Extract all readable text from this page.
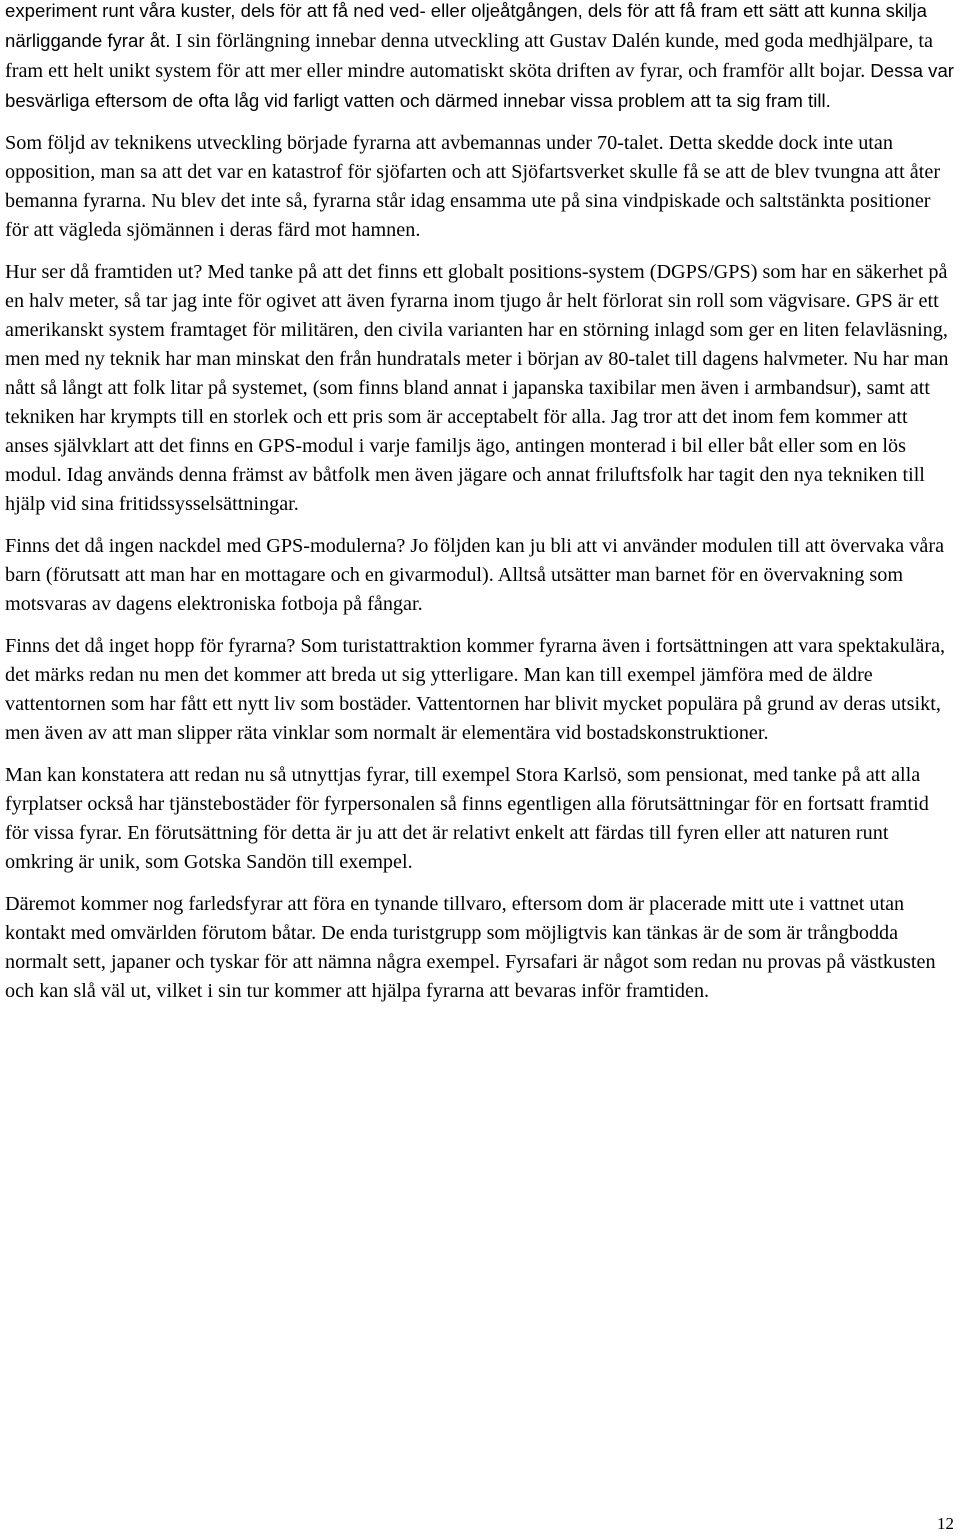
experiment runt våra kuster, dels för att få ned ved- eller oljeåtgången, dels för att få fram ett sätt att kunna skilja närliggande fyrar åt. I sin förlängning innebar denna utveckling att Gustav Dalén kunde, med goda medhjälpare, ta fram ett helt unikt system för att mer eller mindre automatiskt sköta driften av fyrar, och framför allt bojar. Dessa var besvärliga eftersom de ofta låg vid farligt vatten och därmed innebar vissa problem att ta sig fram till.

Som följd av teknikens utveckling började fyrarna att avbemannas under 70-talet. Detta skedde dock inte utan opposition, man sa att det var en katastrof för sjöfarten och att Sjöfartsverket skulle få se att de blev tvungna att åter bemanna fyrarna. Nu blev det inte så, fyrarna står idag ensamma ute på sina vindpiskade och saltstänkta positioner för att vägleda sjömännen i deras färd mot hamnen.

Hur ser då framtiden ut? Med tanke på att det finns ett globalt positions-system (DGPS/GPS) som har en säkerhet på en halv meter, så tar jag inte för ogivet att även fyrarna inom tjugo år helt förlorat sin roll som vägvisare. GPS är ett amerikanskt system framtaget för militären, den civila varianten har en störning inlagd som ger en liten felavläsning, men med ny teknik har man minskat den från hundratals meter i början av 80-talet till dagens halvmeter. Nu har man nått så långt att folk litar på systemet, (som finns bland annat i japanska taxibilar men även i armbandsur), samt att tekniken har krympts till en storlek och ett pris som är acceptabelt för alla. Jag tror att det inom fem kommer att anses självklart att det finns en GPS-modul i varje familjs ägo, antingen monterad i bil eller båt eller som en lös modul. Idag används denna främst av båtfolk men även jägare och annat friluftsfolk har tagit den nya tekniken till hjälp vid sina fritidssysselsättningar.

Finns det då ingen nackdel med GPS-modulerna? Jo följden kan ju bli att vi använder modulen till att övervaka våra barn (förutsatt att man har en mottagare och en givarmodul). Alltså utsätter man barnet för en övervakning som motsvaras av dagens elektroniska fotboja på fångar.

Finns det då inget hopp för fyrarna? Som turistattraktion kommer fyrarna även i fortsättningen att vara spektakulära, det märks redan nu men det kommer att breda ut sig ytterligare. Man kan till exempel jämföra med de äldre vattentornen som har fått ett nytt liv som bostäder. Vattentornen har blivit mycket populära på grund av deras utsikt, men även av att man slipper räta vinklar som normalt är elementära vid bostadskonstruktioner.

Man kan konstatera att redan nu så utnyttjas fyrar, till exempel Stora Karlsö, som pensionat, med tanke på att alla fyrplatser också har tjänstebostäder för fyrpersonalen så finns egentligen alla förutsättningar för en fortsatt framtid för vissa fyrar. En förutsättning för detta är ju att det är relativt enkelt att färdas till fyren eller att naturen runt omkring är unik, som Gotska Sandön till exempel.

Däremot kommer nog farledsfyrar att föra en tynande tillvaro, eftersom dom är placerade mitt ute i vattnet utan kontakt med omvärlden förutom båtar. De enda turistgrupp som möjligtvis kan tänkas är de som är trångbodda normalt sett, japaner och tyskar för att nämna några exempel. Fyrsafari är något som redan nu provas på västkusten och kan slå väl ut, vilket i sin tur kommer att hjälpa fyrarna att bevaras inför framtiden.

12
